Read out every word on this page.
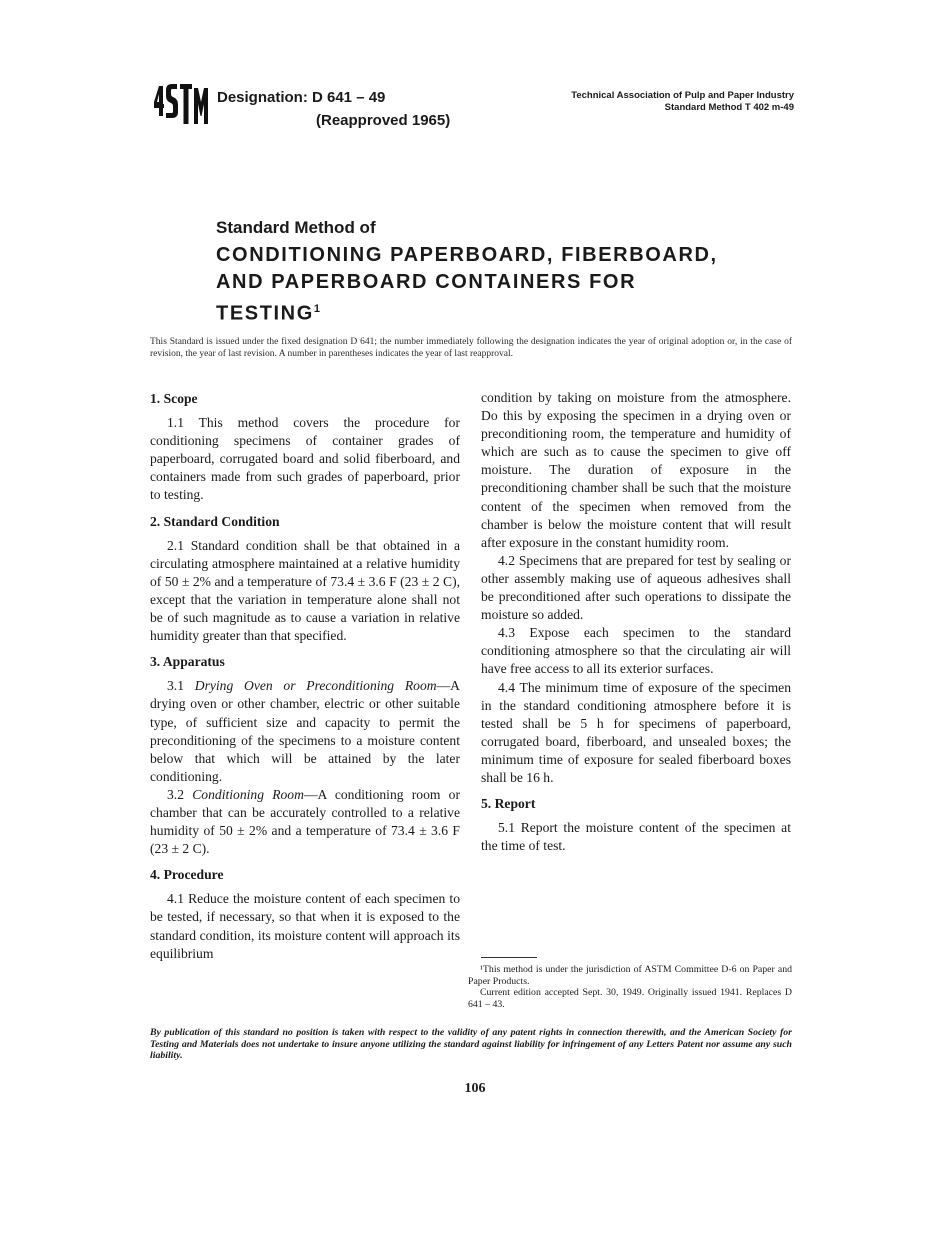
Designation: D 641 – 49
(Reapproved 1965)
Technical Association of Pulp and Paper Industry
Standard Method T 402 m-49
Standard Method of
CONDITIONING PAPERBOARD, FIBERBOARD,
AND PAPERBOARD CONTAINERS FOR
TESTING$^1$
This Standard is issued under the fixed designation D 641; the number immediately following the designation indicates the year of original adoption or, in the case of revision, the year of last revision. A number in parentheses indicates the year of last reapproval.
1. Scope

1.1 This method covers the procedure for conditioning specimens of container grades of paperboard, corrugated board and solid fiberboard, and containers made from such grades of paperboard, prior to testing.

2. Standard Condition

2.1 Standard condition shall be that obtained in a circulating atmosphere maintained at a relative humidity of 50 ± 2% and a temperature of 73.4 ± 3.6 F (23 ± 2 C), except that the variation in temperature alone shall not be of such magnitude as to cause a variation in relative humidity greater than that specified.

3. Apparatus

3.1 Drying Oven or Preconditioning Room—A drying oven or other chamber, electric or other suitable type, of sufficient size and capacity to permit the preconditioning of the specimens to a moisture content below that which will be attained by the later conditioning.

3.2 Conditioning Room—A conditioning room or chamber that can be accurately controlled to a relative humidity of 50 ± 2% and a temperature of 73.4 ± 3.6 F (23 ± 2 C).

4. Procedure

4.1 Reduce the moisture content of each specimen to be tested, if necessary, so that when it is exposed to the standard condition, its moisture content will approach its equilibrium

condition by taking on moisture from the atmosphere. Do this by exposing the specimen in a drying oven or preconditioning room, the temperature and humidity of which are such as to cause the specimen to give off moisture. The duration of exposure in the preconditioning chamber shall be such that the moisture content of the specimen when removed from the chamber is below the moisture content that will result after exposure in the constant humidity room.

4.2 Specimens that are prepared for test by sealing or other assembly making use of aqueous adhesives shall be preconditioned after such operations to dissipate the moisture so added.

4.3 Expose each specimen to the standard conditioning atmosphere so that the circulating air will have free access to all its exterior surfaces.

4.4 The minimum time of exposure of the specimen in the standard conditioning atmosphere before it is tested shall be 5 h for specimens of paperboard, corrugated board, fiberboard, and unsealed boxes; the minimum time of exposure for sealed fiberboard boxes shall be 16 h.

5. Report

5.1 Report the moisture content of the specimen at the time of test.

¹This method is under the jurisdiction of ASTM Committee D-6 on Paper and Paper Products.

Current edition accepted Sept. 30, 1949. Originally issued 1941. Replaces D 641 – 43.

By publication of this standard no position is taken with respect to the validity of any patent rights in connection therewith, and the American Society for Testing and Materials does not undertake to insure anyone utilizing the standard against liability for infringement of any Letters Patent nor assume any such liability.
106
